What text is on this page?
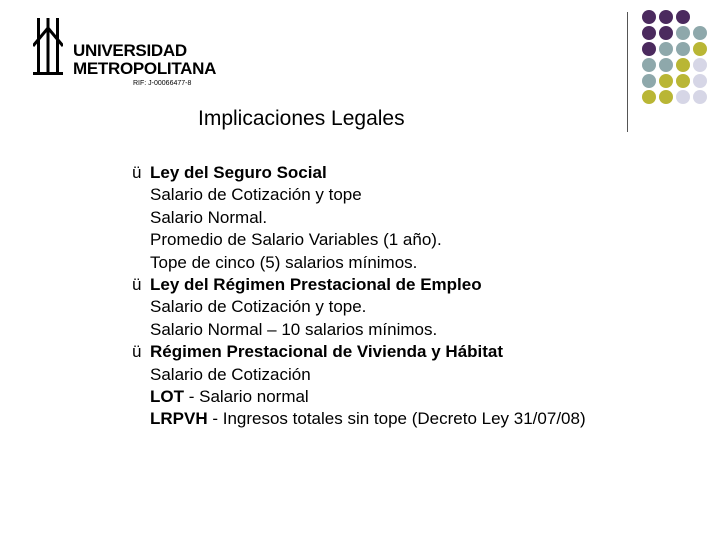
UNIVERSIDAD
METROPOLITANA
RIF: J-00066477-8
Implicaciones Legales
ü Ley del Seguro Social
Salario de Cotización y tope
Salario Normal.
Promedio de Salario Variables (1 año).
Tope de cinco (5) salarios mínimos.
ü Ley del Régimen Prestacional de Empleo
Salario de Cotización y tope.
Salario Normal – 10 salarios mínimos.
ü Régimen Prestacional de Vivienda y Hábitat
Salario de Cotización
LOT - Salario normal
LRPVH - Ingresos totales sin tope (Decreto Ley 31/07/08)
